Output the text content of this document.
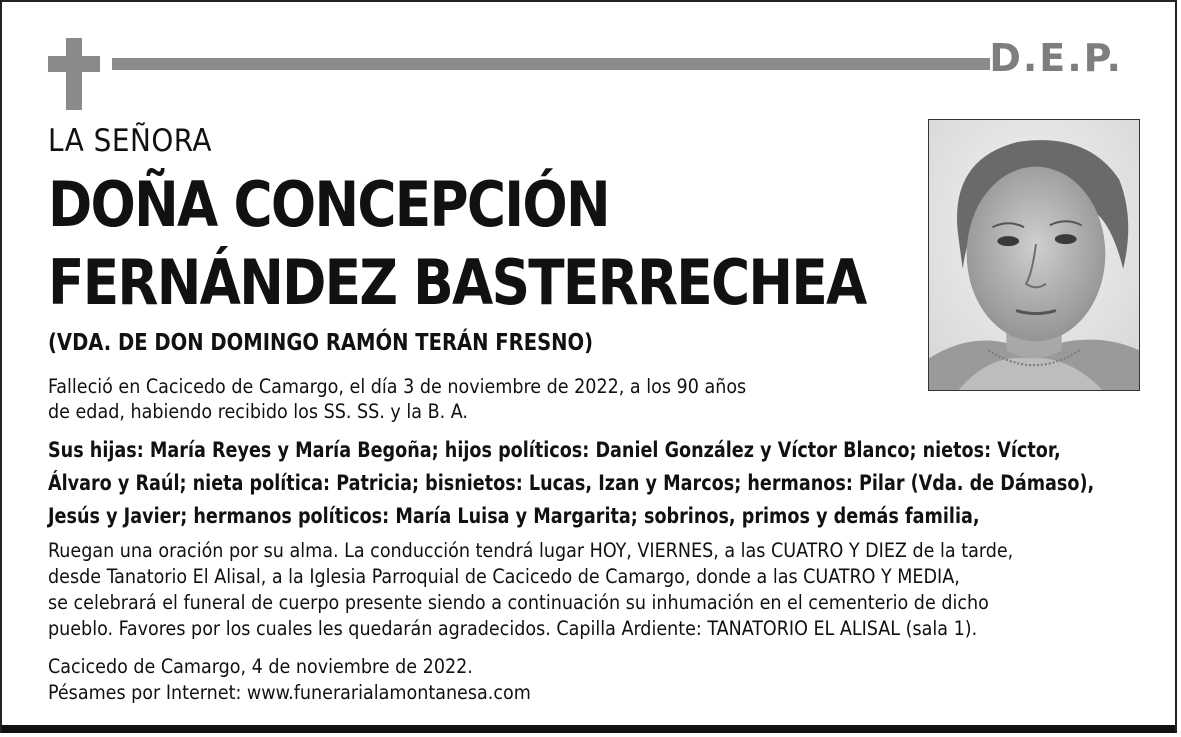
D.E.P.

LA SEÑORA

DOÑA CONCEPCIÓN

FERNÁNDEZ BASTERRECHEA

(VDA. DE DON DOMINGO RAMÓN TERÁN FRESNO)

Falleció en Cacicedo de Camargo, el día 3 de noviembre de 2022, a los 90 años
de edad, habiendo recibido los SS. SS. y la B. A.

Sus hijas: María Reyes y María Begoña; hijos políticos: Daniel González y Víctor Blanco; nietos: Víctor,
Álvaro y Raúl; nieta política: Patricia; bisnietos: Lucas, Izan y Marcos; hermanos: Pilar (Vda. de Dámaso),
Jesús y Javier; hermanos políticos: María Luisa y Margarita; sobrinos, primos y demás familia,

Ruegan una oración por su alma. La conducción tendrá lugar HOY, VIERNES, a las CUATRO Y DIEZ de la tarde,
desde Tanatorio El Alisal, a la Iglesia Parroquial de Cacicedo de Camargo, donde a las CUATRO Y MEDIA,
se celebrará el funeral de cuerpo presente siendo a continuación su inhumación en el cementerio de dicho
pueblo. Favores por los cuales les quedarán agradecidos. Capilla Ardiente: TANATORIO EL ALISAL (sala 1).

Cacicedo de Camargo, 4 de noviembre de 2022.
Pésames por Internet: www.funerarialamontanesa.com
